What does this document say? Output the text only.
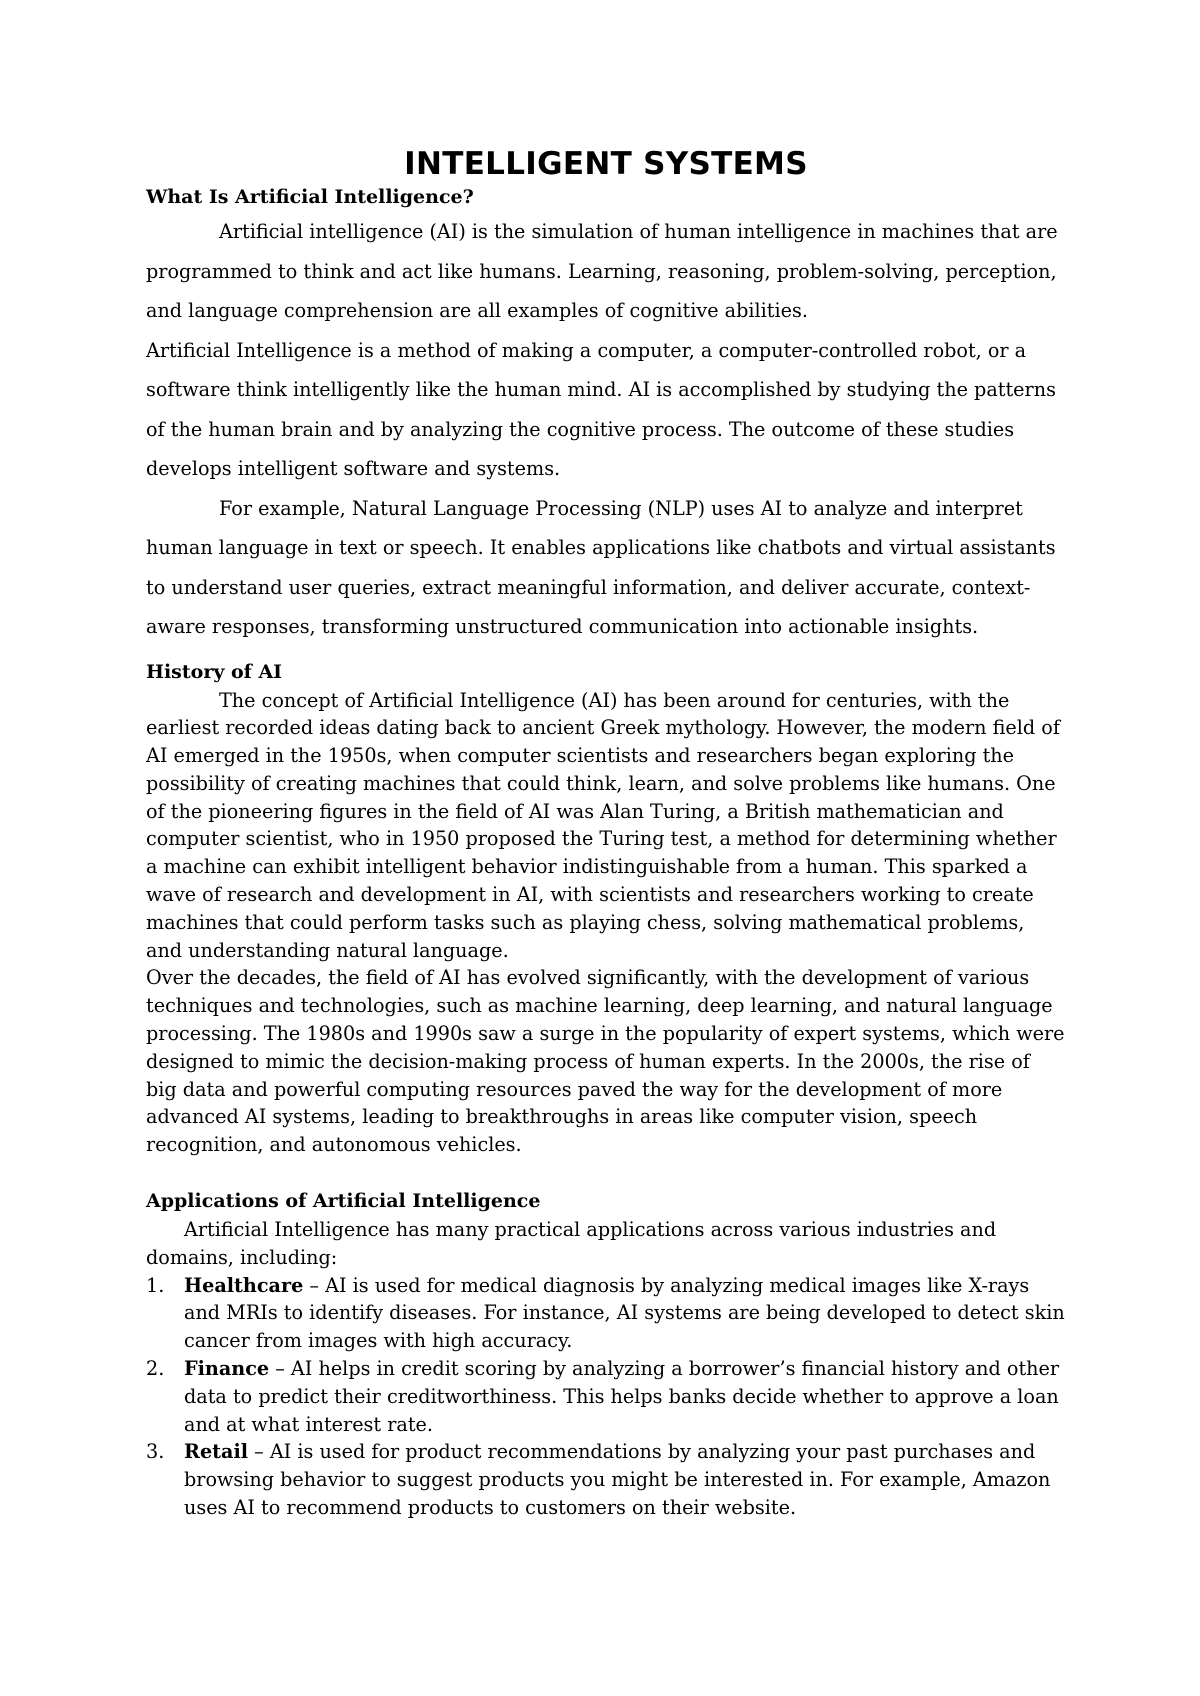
INTELLIGENT SYSTEMS

What Is Artificial Intelligence?

Artificial intelligence (AI) is the simulation of human intelligence in machines that are programmed to think and act like humans. Learning, reasoning, problem-solving, perception, and language comprehension are all examples of cognitive abilities.

Artificial Intelligence is a method of making a computer, a computer-controlled robot, or a software think intelligently like the human mind. AI is accomplished by studying the patterns of the human brain and by analyzing the cognitive process. The outcome of these studies develops intelligent software and systems.

For example, Natural Language Processing (NLP) uses AI to analyze and interpret human language in text or speech. It enables applications like chatbots and virtual assistants to understand user queries, extract meaningful information, and deliver accurate, context-aware responses, transforming unstructured communication into actionable insights.

History of AI

The concept of Artificial Intelligence (AI) has been around for centuries, with the earliest recorded ideas dating back to ancient Greek mythology. However, the modern field of AI emerged in the 1950s, when computer scientists and researchers began exploring the possibility of creating machines that could think, learn, and solve problems like humans. One of the pioneering figures in the field of AI was Alan Turing, a British mathematician and computer scientist, who in 1950 proposed the Turing test, a method for determining whether a machine can exhibit intelligent behavior indistinguishable from a human. This sparked a wave of research and development in AI, with scientists and researchers working to create machines that could perform tasks such as playing chess, solving mathematical problems, and understanding natural language.

Over the decades, the field of AI has evolved significantly, with the development of various techniques and technologies, such as machine learning, deep learning, and natural language processing. The 1980s and 1990s saw a surge in the popularity of expert systems, which were designed to mimic the decision-making process of human experts. In the 2000s, the rise of big data and powerful computing resources paved the way for the development of more advanced AI systems, leading to breakthroughs in areas like computer vision, speech recognition, and autonomous vehicles.

Applications of Artificial Intelligence

Artificial Intelligence has many practical applications across various industries and domains, including:

1. Healthcare – AI is used for medical diagnosis by analyzing medical images like X-rays and MRIs to identify diseases. For instance, AI systems are being developed to detect skin cancer from images with high accuracy.
2. Finance – AI helps in credit scoring by analyzing a borrower’s financial history and other data to predict their creditworthiness. This helps banks decide whether to approve a loan and at what interest rate.
3. Retail – AI is used for product recommendations by analyzing your past purchases and browsing behavior to suggest products you might be interested in. For example, Amazon uses AI to recommend products to customers on their website.
